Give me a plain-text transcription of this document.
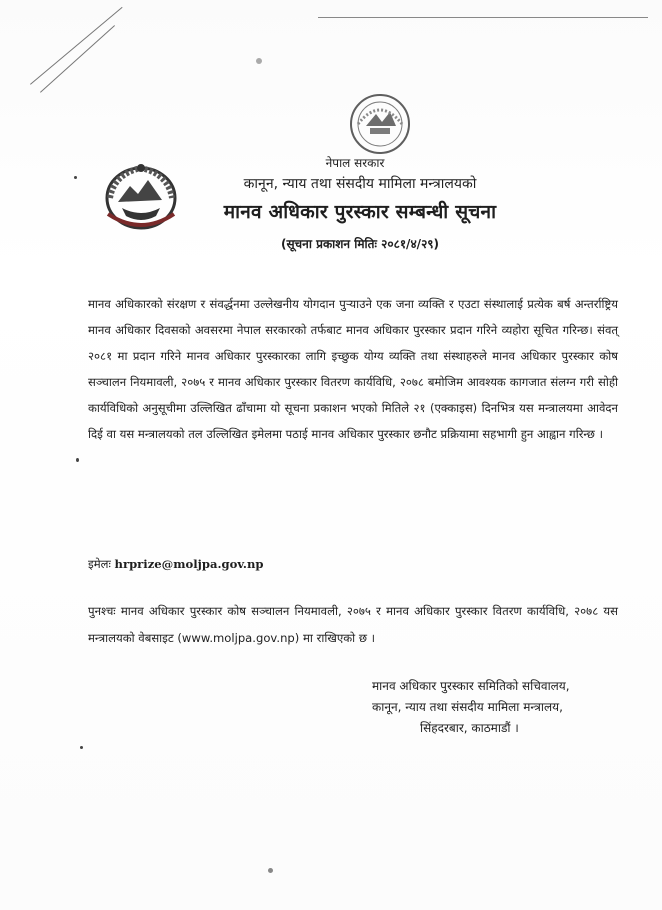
नेपाल सरकार
कानून, न्याय तथा संसदीय मामिला मन्त्रालयको
मानव अधिकार पुरस्कार सम्बन्धी सूचना
(सूचना प्रकाशन मितिः २०८१/४/२९)
मानव अधिकारको संरक्षण र संवर्द्धनमा उल्लेखनीय योगदान पुऱ्याउने एक जना व्यक्ति र एउटा संस्थालाई प्रत्येक बर्ष अन्तर्राष्ट्रिय मानव अधिकार दिवसको अवसरमा नेपाल सरकारको तर्फबाट मानव अधिकार पुरस्कार प्रदान गरिने व्यहोरा सूचित गरिन्छ। संवत् २०८१ मा प्रदान गरिने मानव अधिकार पुरस्कारका लागि इच्छुक योग्य व्यक्ति तथा संस्थाहरुले मानव अधिकार पुरस्कार कोष सञ्चालन नियमावली, २०७५ र मानव अधिकार पुरस्कार वितरण कार्यविधि, २०७८ बमोजिम आवश्यक कागजात संलग्न गरी सोही कार्यविधिको अनुसूचीमा उल्लिखित ढाँचामा यो सूचना प्रकाशन भएको मितिले २१ (एक्काइस) दिनभित्र यस मन्त्रालयमा आवेदन दिई वा यस मन्त्रालयको तल उल्लिखित इमेलमा पठाई मानव अधिकार पुरस्कार छनौट प्रक्रियामा सहभागी हुन आह्वान गरिन्छ ।
इमेलः hrprize@moljpa.gov.np
पुनश्चः मानव अधिकार पुरस्कार कोष सञ्चालन नियमावली, २०७५ र मानव अधिकार पुरस्कार वितरण कार्यविधि, २०७८ यस मन्त्रालयको वेबसाइट (www.moljpa.gov.np) मा राखिएको छ ।
मानव अधिकार पुरस्कार समितिको सचिवालय,
कानून, न्याय तथा संसदीय मामिला मन्त्रालय,
सिंहदरबार, काठमाडौं ।
